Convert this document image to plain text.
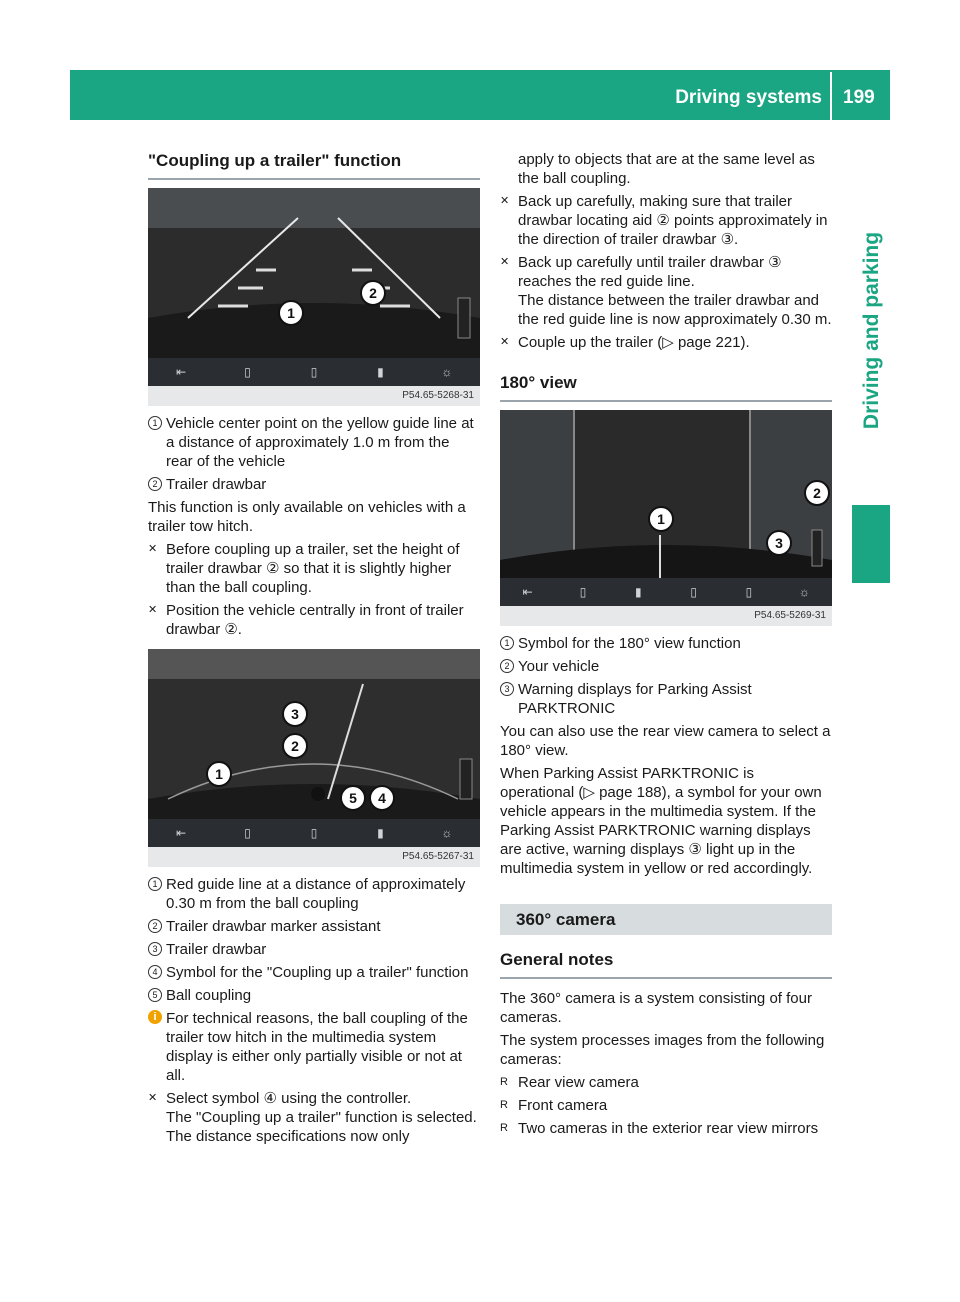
Driving systems 199
Driving and parking
"Coupling up a trailer" function
1
2
⇤	▯	▯	▮	☼
P54.65-5268-31
1 Vehicle center point on the yellow guide line at a distance of approximately 1.0 m from the rear of the vehicle
2 Trailer drawbar

This function is only available on vehicles with a trailer tow hitch.

✕ Before coupling up a trailer, set the height of trailer drawbar ② so that it is slightly higher than the ball coupling.
✕ Position the vehicle centrally in front of trailer drawbar ②.
3
2
1
5	4
⇤	▯	▯	▮	☼
P54.65-5267-31
1 Red guide line at a distance of approximately 0.30 m from the ball coupling
2 Trailer drawbar marker assistant
3 Trailer drawbar
4 Symbol for the "Coupling up a trailer" function
5 Ball coupling
i For technical reasons, the ball coupling of the trailer tow hitch in the multimedia system display is either only partially visible or not at all.
✕ Select symbol ④ using the controller.
The "Coupling up a trailer" function is selected. The distance specifications now only

apply to objects that are at the same level as the ball coupling.

✕ Back up carefully, making sure that trailer drawbar locating aid ② points approximately in the direction of trailer drawbar ③.
✕ Back up carefully until trailer drawbar ③ reaches the red guide line.
The distance between the trailer drawbar and the red guide line is now approximately 0.30 m.
✕ Couple up the trailer (▷ page 221).
180° view
1
2
3
⇤	▯	▮	▯	▯	☼
P54.65-5269-31
1 Symbol for the 180° view function
2 Your vehicle
3 Warning displays for Parking Assist PARKTRONIC

You can also use the rear view camera to select a 180° view.

When Parking Assist PARKTRONIC is operational (▷ page 188), a symbol for your own vehicle appears in the multimedia system. If the Parking Assist PARKTRONIC warning displays are active, warning displays ③ light up in the multimedia system in yellow or red accordingly.

360° camera
General notes

The 360° camera is a system consisting of four cameras.

The system processes images from the following cameras:

R Rear view camera
R Front camera
R Two cameras in the exterior rear view mirrors
